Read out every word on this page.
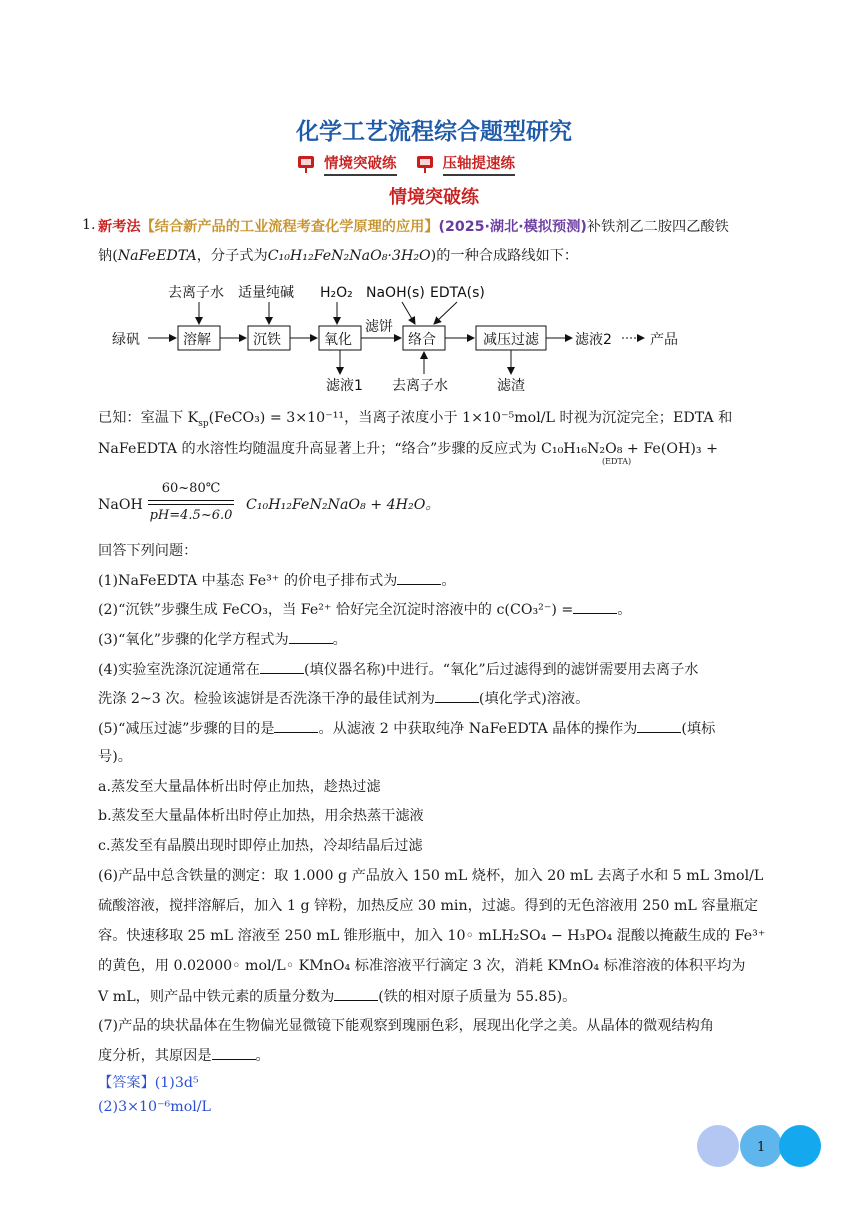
化学工艺流程综合题型研究
情境突破练	压轴提速练
情境突破练
1. 新考法【结合新产品的工业流程考查化学原理的应用】(2025·湖北·模拟预测)补铁剂乙二胺四乙酸铁
钠(NaFeEDTA，分子式为C₁₀H₁₂FeN₂NaO₈·3H₂O)的一种合成路线如下：
去离子水 适量纯碱 H₂O₂ NaOH(s) EDTA(s)
绿矾	溶解	沉铁	氧化	络合	减压过滤
滤饼
滤液2	产品
滤液1 去离子水	滤渣
已知：室温下 $K_{sp}(FeCO_3) = 3\times 10^{-11}$，当离子浓度小于 1×10⁻⁵mol/L 时视为沉淀完全；EDTA 和
NaFeEDTA 的水溶性均随温度升高显著上升；“络合”步骤的反应式为 C₁₀H₁₆N₂O₈ + Fe(OH)₃ +
(EDTA)
NaOH
60~80℃
pH=4.5~6.0
C₁₀H₁₂FeN₂NaO₈ + 4H₂O。
回答下列问题：
(1)NaFeEDTA 中基态 Fe³⁺ 的价电子排布式为	。
(2)“沉铁”步骤生成 FeCO₃，当 Fe²⁺ 恰好完全沉淀时溶液中的 c(CO₃²⁻) =	。
(3)“氧化”步骤的化学方程式为	。
(4)实验室洗涤沉淀通常在	(填仪器名称)中进行。“氧化”后过滤得到的滤饼需要用去离子水
洗涤 2~3 次。检验该滤饼是否洗涤干净的最佳试剂为	(填化学式)溶液。
(5)“减压过滤”步骤的目的是	。从滤液 2 中获取纯净 NaFeEDTA 晶体的操作为	(填标
号)。
a.蒸发至大量晶体析出时停止加热，趁热过滤
b.蒸发至大量晶体析出时停止加热，用余热蒸干滤液
c.蒸发至有晶膜出现时即停止加热，冷却结晶后过滤
(6)产品中总含铁量的测定：取 1.000 g 产品放入 150 mL 烧杯，加入 20 mL 去离子水和 5 mL 3mol/L
硫酸溶液，搅拌溶解后，加入 1 g 锌粉，加热反应 30 min，过滤。得到的无色溶液用 250 mL 容量瓶定
容。快速移取 25 mL 溶液至 250 mL 锥形瓶中，加入 10◦ mLH₂SO₄ − H₃PO₄ 混酸以掩蔽生成的 Fe³⁺
的黄色，用 0.02000◦ mol/L◦ KMnO₄ 标准溶液平行滴定 3 次，消耗 KMnO₄ 标准溶液的体积平均为
V mL，则产品中铁元素的质量分数为	(铁的相对原子质量为 55.85)。
(7)产品的块状晶体在生物偏光显微镜下能观察到瑰丽色彩，展现出化学之美。从晶体的微观结构角
度分析，其原因是	。
【答案】(1)3d⁵
(2)3×10⁻⁶mol/L
1
